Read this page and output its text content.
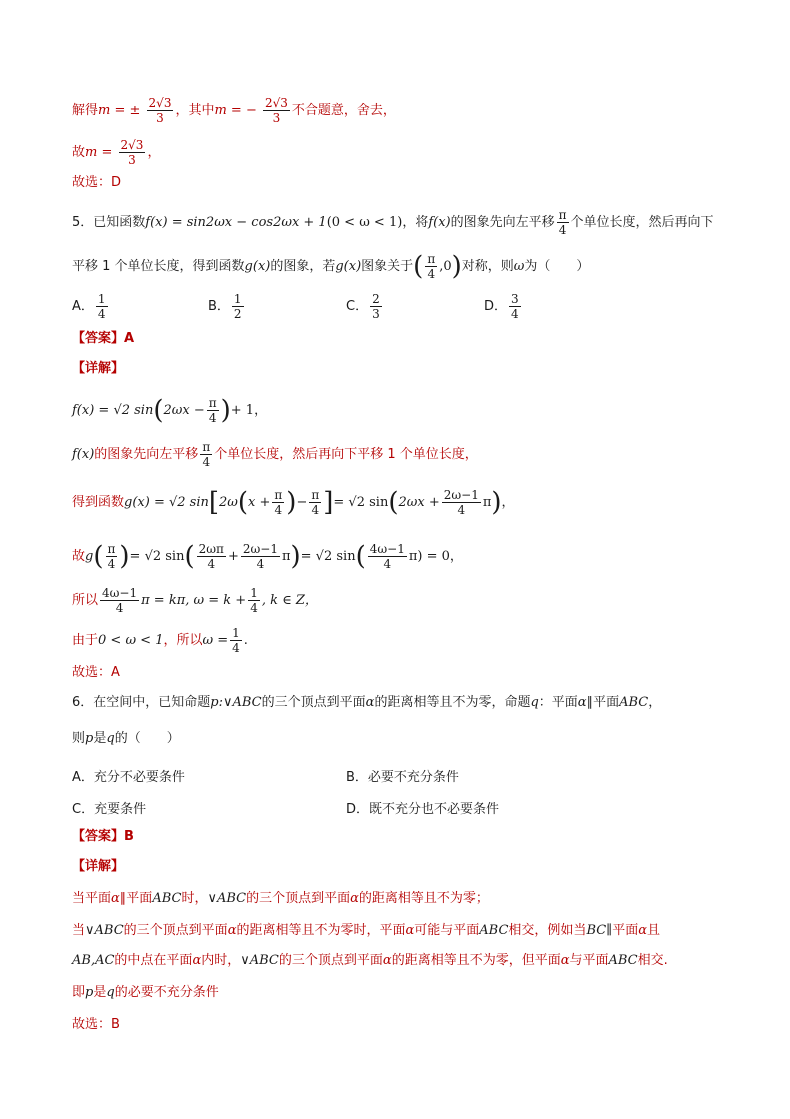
解得m = ± $\frac{2√3}{3}$ ，其中m = − $\frac{2√3}{3}$ 不合题意，舍去，
故$m = \frac{2√3}{3}$ ，
故选：D
5．已知函数f(x) = sin2ωx − cos2ωx + 1(0 < ω < 1)，将f(x)的图象先向左平移 $\frac{\pi}{4}$ 个单位长度，然后再向下
平移 1 个单位长度，得到函数g(x)的图象，若g(x)图象关于( $\frac{\pi}{4} ,0$)对称，则ω为（　　）
A． $\frac{1}{4}$	B． $\frac{1}{2}$	C． $\frac{2}{3}$	D． $\frac{3}{4}$
【答案】A
【详解】
f(x) = √2 $\sin(2\omega x - \frac{\pi}{4}$ )+ 1，
f(x)的图象先向左平移 $\frac{\pi}{4}$ 个单位长度，然后再向下平移 1 个单位长度，
得到函数g(x) = √2 $\sin[2\omega(x + \frac{\pi}{4}$ )− $\frac{\pi}{4}$ ]= √2 $\sin(2\omega x + \frac{2\omega-1}{4} \pi)$，
故$g( \frac{\pi}{4}$ )= √2 $\sin( \frac{2\omega\pi}{4} + \frac{2\omega-1}{4} \pi)= √2$ $\sin( \frac{4\omega-1}{4} \pi) = 0$，
所以 $\frac{4\omega-1}{4}$ π = kπ, $\omega = k + \frac{1}{4}$ , k ∈ Z，
由于0 < ω < 1，所以$\omega = \frac{1}{4}$ .
故选：A
6．在空间中，已知命题p:∨ABC的三个顶点到平面α的距离相等且不为零，命题q：平面α∥平面ABC，
则p是q的（　　）
A．充分不必要条件	B．必要不充分条件
C．充要条件	D．既不充分也不必要条件
【答案】B
【详解】
当平面α∥平面ABC时，∨ABC的三个顶点到平面α的距离相等且不为零；
当∨ABC的三个顶点到平面α的距离相等且不为零时，平面α可能与平面ABC相交，例如当BC∥平面α且
AB,AC的中点在平面α内时，∨ABC的三个顶点到平面α的距离相等且不为零，但平面α与平面ABC相交.
即p是q的必要不充分条件
故选：B
